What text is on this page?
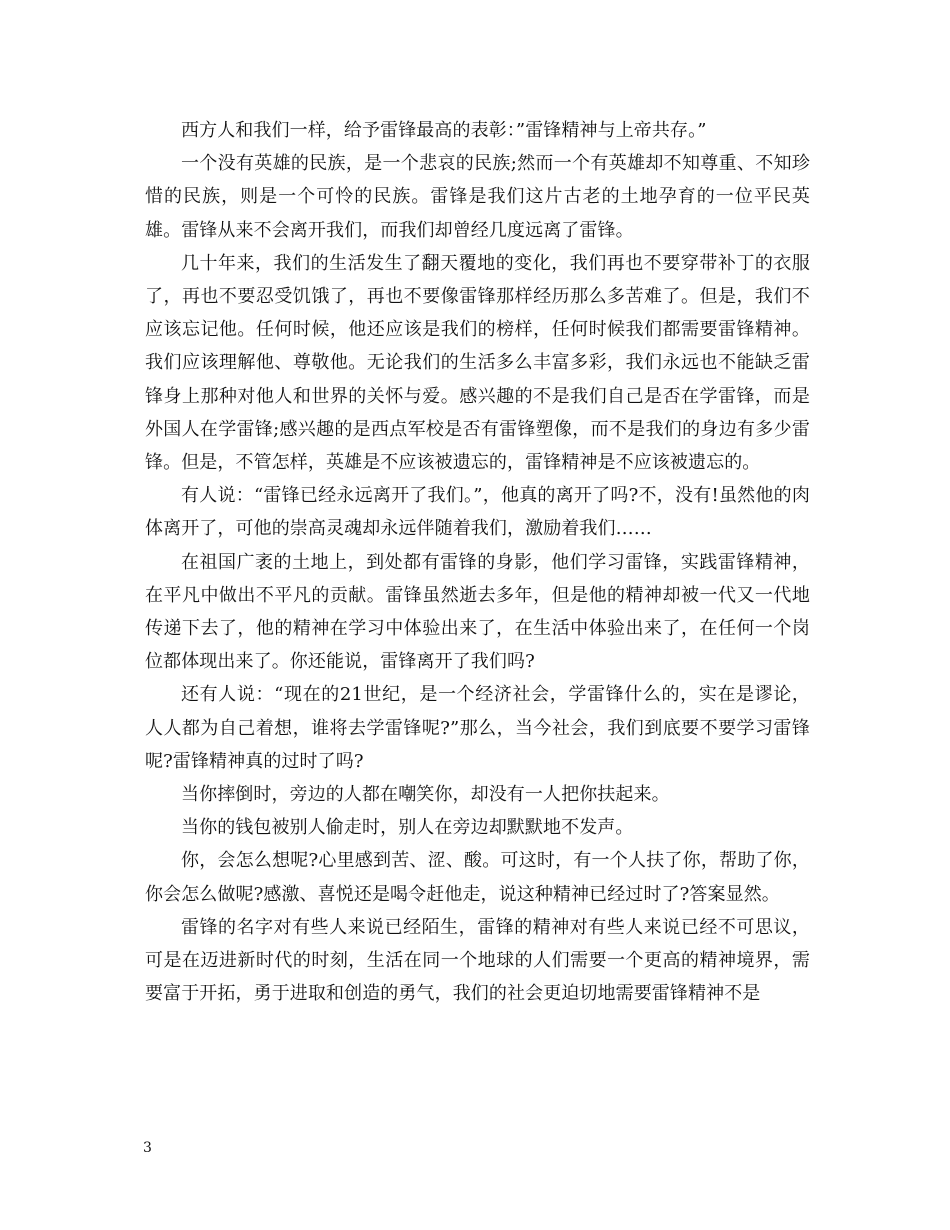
西方人和我们一样，给予雷锋最高的表彰：”雷锋精神与上帝共存。”

一个没有英雄的民族，是一个悲哀的民族;然而一个有英雄却不知尊重、不知珍惜的民族，则是一个可怜的民族。雷锋是我们这片古老的土地孕育的一位平民英雄。雷锋从来不会离开我们，而我们却曾经几度远离了雷锋。

几十年来，我们的生活发生了翻天覆地的变化，我们再也不要穿带补丁的衣服了，再也不要忍受饥饿了，再也不要像雷锋那样经历那么多苦难了。但是，我们不应该忘记他。任何时候，他还应该是我们的榜样，任何时候我们都需要雷锋精神。我们应该理解他、尊敬他。无论我们的生活多么丰富多彩，我们永远也不能缺乏雷锋身上那种对他人和世界的关怀与爱。感兴趣的不是我们自己是否在学雷锋，而是外国人在学雷锋;感兴趣的是西点军校是否有雷锋塑像，而不是我们的身边有多少雷锋。但是，不管怎样，英雄是不应该被遗忘的，雷锋精神是不应该被遗忘的。

有人说：“雷锋已经永远离开了我们。”，他真的离开了吗?不，没有!虽然他的肉体离开了，可他的崇高灵魂却永远伴随着我们，激励着我们……

在祖国广袤的土地上，到处都有雷锋的身影，他们学习雷锋，实践雷锋精神，在平凡中做出不平凡的贡献。雷锋虽然逝去多年，但是他的精神却被一代又一代地传递下去了，他的精神在学习中体验出来了，在生活中体验出来了，在任何一个岗位都体现出来了。你还能说，雷锋离开了我们吗?

还有人说：“现在的21世纪，是一个经济社会，学雷锋什么的，实在是谬论，人人都为自己着想，谁将去学雷锋呢?”那么，当今社会，我们到底要不要学习雷锋呢?雷锋精神真的过时了吗?

当你摔倒时，旁边的人都在嘲笑你，却没有一人把你扶起来。

当你的钱包被别人偷走时，别人在旁边却默默地不发声。

你，会怎么想呢?心里感到苦、涩、酸。可这时，有一个人扶了你，帮助了你，你会怎么做呢?感激、喜悦还是喝令赶他走，说这种精神已经过时了?答案显然。

雷锋的名字对有些人来说已经陌生，雷锋的精神对有些人来说已经不可思议，可是在迈进新时代的时刻，生活在同一个地球的人们需要一个更高的精神境界，需要富于开拓，勇于进取和创造的勇气，我们的社会更迫切地需要雷锋精神不是

3
